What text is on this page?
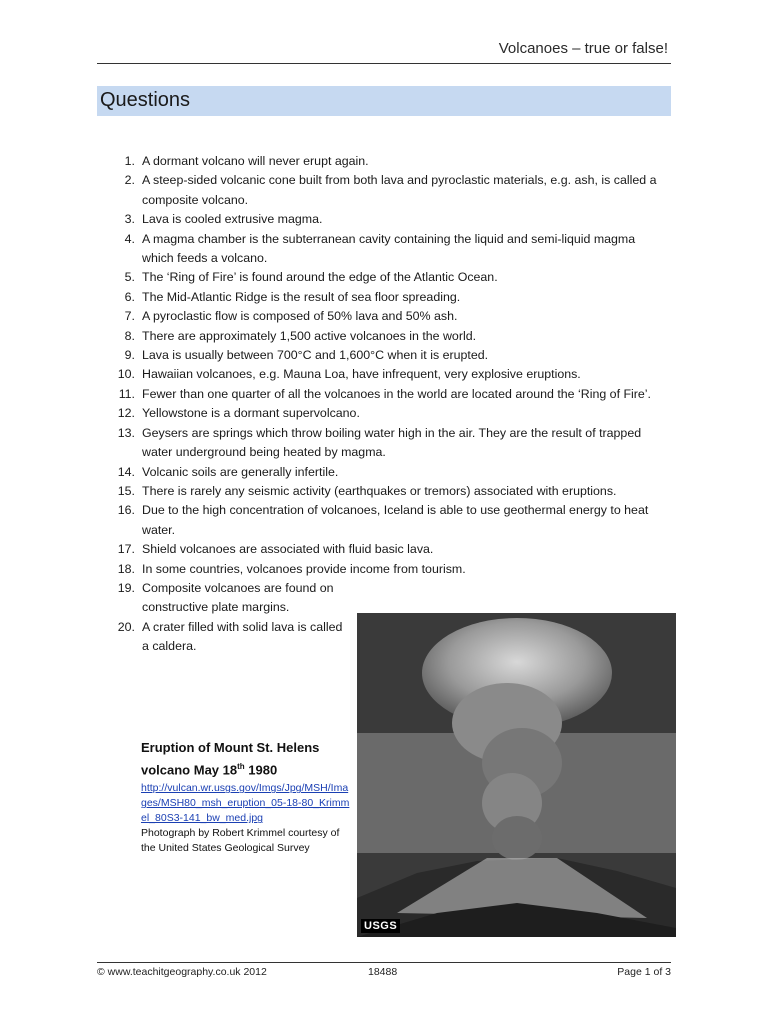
Volcanoes – true or false!
Questions
1. A dormant volcano will never erupt again.
2. A steep-sided volcanic cone built from both lava and pyroclastic materials, e.g. ash, is called a composite volcano.
3. Lava is cooled extrusive magma.
4. A magma chamber is the subterranean cavity containing the liquid and semi-liquid magma which feeds a volcano.
5. The ‘Ring of Fire’ is found around the edge of the Atlantic Ocean.
6. The Mid-Atlantic Ridge is the result of sea floor spreading.
7. A pyroclastic flow is composed of 50% lava and 50% ash.
8. There are approximately 1,500 active volcanoes in the world.
9. Lava is usually between 700°C and 1,600°C when it is erupted.
10. Hawaiian volcanoes, e.g. Mauna Loa, have infrequent, very explosive eruptions.
11. Fewer than one quarter of all the volcanoes in the world are located around the ‘Ring of Fire’.
12. Yellowstone is a dormant supervolcano.
13. Geysers are springs which throw boiling water high in the air. They are the result of trapped water underground being heated by magma.
14. Volcanic soils are generally infertile.
15. There is rarely any seismic activity (earthquakes or tremors) associated with eruptions.
16. Due to the high concentration of volcanoes, Iceland is able to use geothermal energy to heat water.
17. Shield volcanoes are associated with fluid basic lava.
18. In some countries, volcanoes provide income from tourism.
19. Composite volcanoes are found on constructive plate margins.
20. A crater filled with solid lava is called a caldera.
USGS
Eruption of Mount St. Helens volcano May 18th 1980
http://vulcan.wr.usgs.gov/Imgs/Jpg/MSH/Images/MSH80_msh_eruption_05-18-80_Krimmel_80S3-141_bw_med.jpg
Photograph by Robert Krimmel courtesy of the United States Geological Survey
© www.teachitgeography.co.uk 2012	18488	Page 1 of 3
